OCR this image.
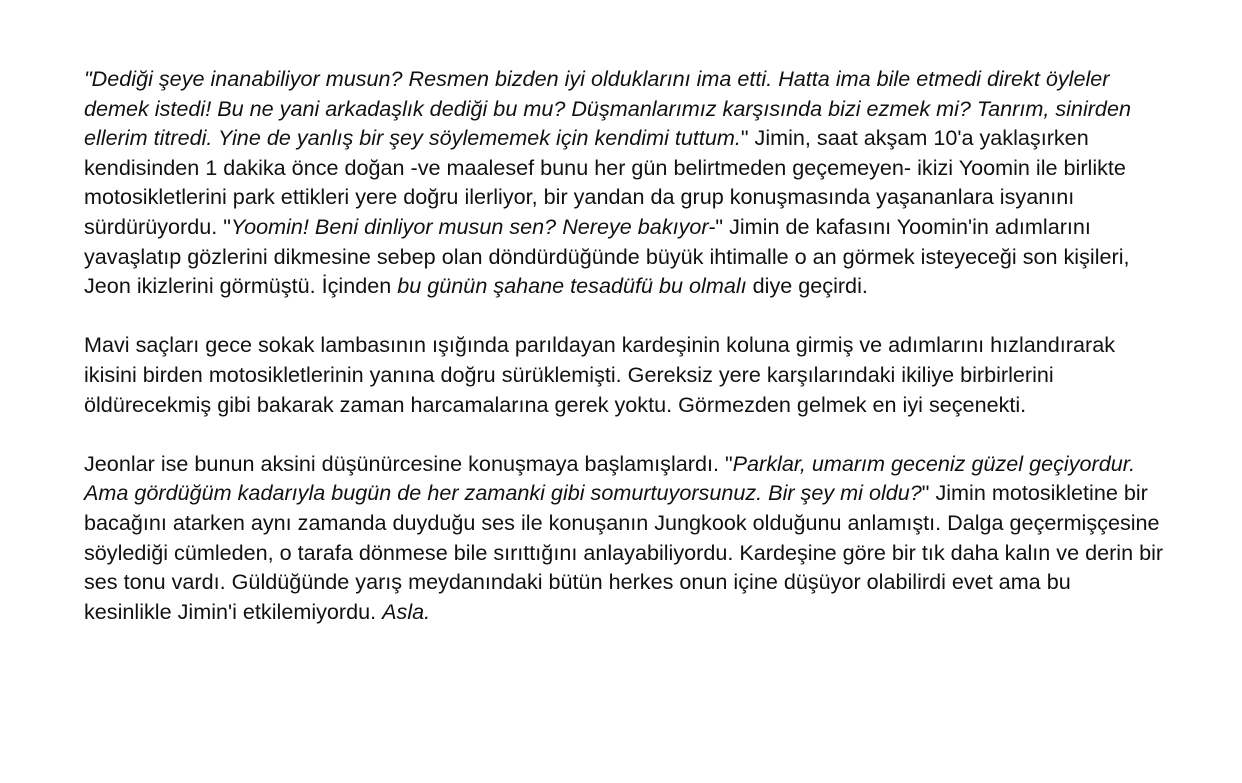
"Dediği şeye inanabiliyor musun? Resmen bizden iyi olduklarını ima etti. Hatta ima bile etmedi direkt öyleler demek istedi! Bu ne yani arkadaşlık dediği bu mu? Düşmanlarımız karşısında bizi ezmek mi? Tanrım, sinirden ellerim titredi. Yine de yanlış bir şey söylememek için kendimi tuttum." Jimin, saat akşam 10'a yaklaşırken kendisinden 1 dakika önce doğan -ve maalesef bunu her gün belirtmeden geçemeyen- ikizi Yoomin ile birlikte motosikletlerini park ettikleri yere doğru ilerliyor, bir yandan da grup konuşmasında yaşananlara isyanını sürdürüyordu. "Yoomin! Beni dinliyor musun sen? Nereye bakıyor-" Jimin de kafasını Yoomin'in adımlarını yavaşlatıp gözlerini dikmesine sebep olan döndürdüğünde büyük ihtimalle o an görmek isteyeceği son kişileri, Jeon ikizlerini görmüştü. İçinden bu günün şahane tesadüfü bu olmalı diye geçirdi.

Mavi saçları gece sokak lambasının ışığında parıldayan kardeşinin koluna girmiş ve adımlarını hızlandırarak ikisini birden motosikletlerinin yanına doğru sürüklemişti. Gereksiz yere karşılarındaki ikiliye birbirlerini öldürecekmiş gibi bakarak zaman harcamalarına gerek yoktu. Görmezden gelmek en iyi seçenekti.

Jeonlar ise bunun aksini düşünürcesine konuşmaya başlamışlardı. "Parklar, umarım geceniz güzel geçiyordur. Ama gördüğüm kadarıyla bugün de her zamanki gibi somurtuyorsunuz. Bir şey mi oldu?" Jimin motosikletine bir bacağını atarken aynı zamanda duyduğu ses ile konuşanın Jungkook olduğunu anlamıştı. Dalga geçermişçesine söylediği cümleden, o tarafa dönmese bile sırıttığını anlayabiliyordu. Kardeşine göre bir tık daha kalın ve derin bir ses tonu vardı. Güldüğünde yarış meydanındaki bütün herkes onun içine düşüyor olabilirdi evet ama bu kesinlikle Jimin'i etkilemiyordu. Asla.
